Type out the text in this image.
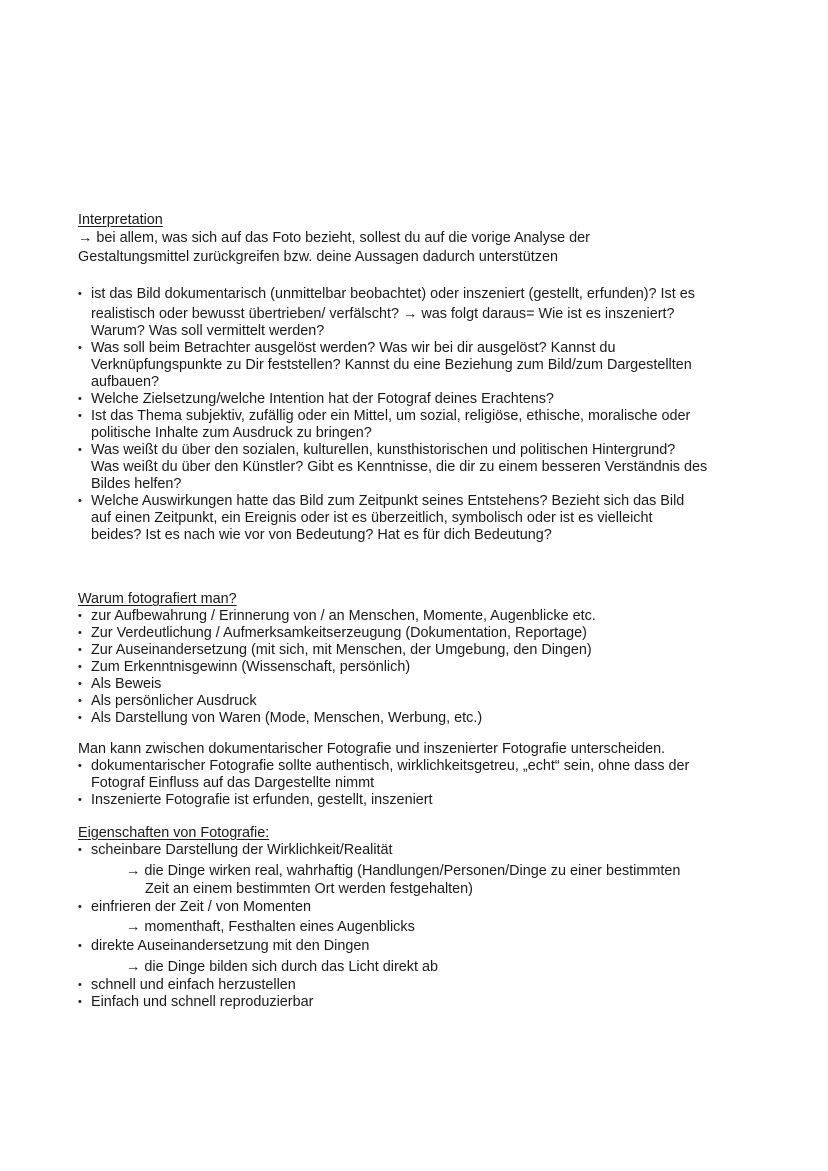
Interpretation

→ bei allem, was sich auf das Foto bezieht, sollest du auf die vorige Analyse der

Gestaltungsmittel zurückgreifen bzw. deine Aussagen dadurch unterstützen

• ist das Bild dokumentarisch (unmittelbar beobachtet) oder inszeniert (gestellt, erfunden)? Ist es
realistisch oder bewusst übertrieben/ verfälscht? → was folgt daraus= Wie ist es inszeniert?
Warum? Was soll vermittelt werden?
• Was soll beim Betrachter ausgelöst werden? Was wir bei dir ausgelöst? Kannst du
Verknüpfungspunkte zu Dir feststellen? Kannst du eine Beziehung zum Bild/zum Dargestellten
aufbauen?
• Welche Zielsetzung/welche Intention hat der Fotograf deines Erachtens?
• Ist das Thema subjektiv, zufällig oder ein Mittel, um sozial, religiöse, ethische, moralische oder
politische Inhalte zum Ausdruck zu bringen?
• Was weißt du über den sozialen, kulturellen, kunsthistorischen und politischen Hintergrund?
Was weißt du über den Künstler? Gibt es Kenntnisse, die dir zu einem besseren Verständnis des
Bildes helfen?
• Welche Auswirkungen hatte das Bild zum Zeitpunkt seines Entstehens? Bezieht sich das Bild
auf einen Zeitpunkt, ein Ereignis oder ist es überzeitlich, symbolisch oder ist es vielleicht
beides? Ist es nach wie vor von Bedeutung? Hat es für dich Bedeutung?

Warum fotografiert man?

• zur Aufbewahrung / Erinnerung von / an Menschen, Momente, Augenblicke etc.
• Zur Verdeutlichung / Aufmerksamkeitserzeugung (Dokumentation, Reportage)
• Zur Auseinandersetzung (mit sich, mit Menschen, der Umgebung, den Dingen)
• Zum Erkenntnisgewinn (Wissenschaft, persönlich)
• Als Beweis
• Als persönlicher Ausdruck
• Als Darstellung von Waren (Mode, Menschen, Werbung, etc.)

Man kann zwischen dokumentarischer Fotografie und inszenierter Fotografie unterscheiden.

• dokumentarischer Fotografie sollte authentisch, wirklichkeitsgetreu, „echt“ sein, ohne dass der
Fotograf Einfluss auf das Dargestellte nimmt
• Inszenierte Fotografie ist erfunden, gestellt, inszeniert

Eigenschaften von Fotografie:

• scheinbare Darstellung der Wirklichkeit/Realität
→ die Dinge wirken real, wahrhaftig (Handlungen/Personen/Dinge zu einer bestimmten
Zeit an einem bestimmten Ort werden festgehalten)
• einfrieren der Zeit / von Momenten
→ momenthaft, Festhalten eines Augenblicks
• direkte Auseinandersetzung mit den Dingen
→ die Dinge bilden sich durch das Licht direkt ab
• schnell und einfach herzustellen
• Einfach und schnell reproduzierbar
